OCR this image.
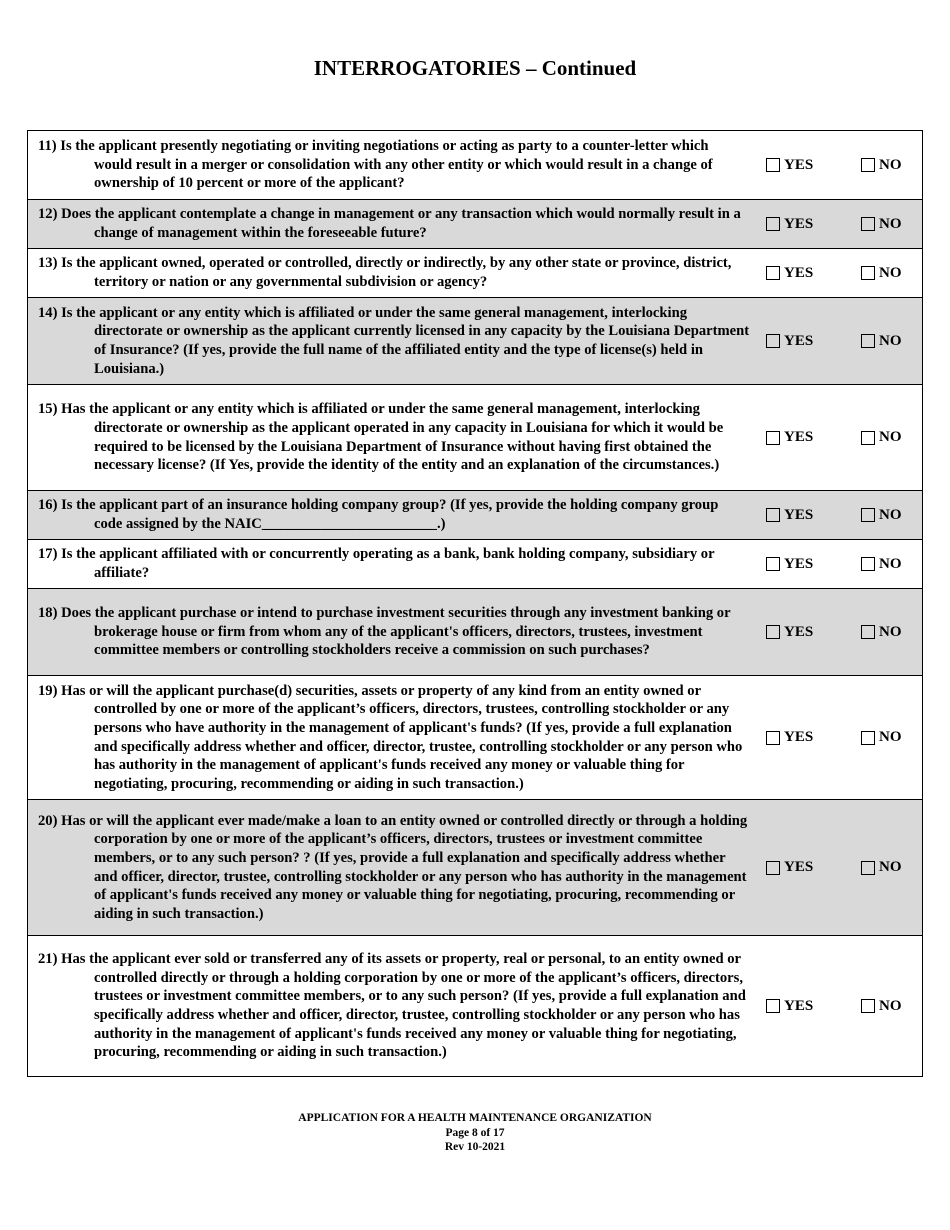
INTERROGATORIES – Continued
11) Is the applicant presently negotiating or inviting negotiations or acting as party to a counter-letter which would result in a merger or consolidation with any other entity or which would result in a change of ownership of 10 percent or more of the applicant?
YES	NO
12) Does the applicant contemplate a change in management or any transaction which would normally result in a change of management within the foreseeable future?
YES	NO
13) Is the applicant owned, operated or controlled, directly or indirectly, by any other state or province, district, territory or nation or any governmental subdivision or agency?
YES	NO
14) Is the applicant or any entity which is affiliated or under the same general management, interlocking directorate or ownership as the applicant currently licensed in any capacity by the Louisiana Department of Insurance? (If yes, provide the full name of the affiliated entity and the type of license(s) held in Louisiana.)
YES	NO
15) Has the applicant or any entity which is affiliated or under the same general management, interlocking directorate or ownership as the applicant operated in any capacity in Louisiana for which it would be required to be licensed by the Louisiana Department of Insurance without having first obtained the necessary license? (If Yes, provide the identity of the entity and an explanation of the circumstances.)
YES	NO
16) Is the applicant part of an insurance holding company group? (If yes, provide the holding company group code assigned by the NAIC________________________.)
YES	NO
17) Is the applicant affiliated with or concurrently operating as a bank, bank holding company, subsidiary or affiliate?
YES	NO
18) Does the applicant purchase or intend to purchase investment securities through any investment banking or brokerage house or firm from whom any of the applicant's officers, directors, trustees, investment committee members or controlling stockholders receive a commission on such purchases?
YES	NO
19) Has or will the applicant purchase(d) securities, assets or property of any kind from an entity owned or controlled by one or more of the applicant’s officers, directors, trustees, controlling stockholder or any persons who have authority in the management of applicant's funds? (If yes, provide a full explanation and specifically address whether and officer, director, trustee, controlling stockholder or any person who has authority in the management of applicant's funds received any money or valuable thing for negotiating, procuring, recommending or aiding in such transaction.)
YES	NO
20) Has or will the applicant ever made/make a loan to an entity owned or controlled directly or through a holding corporation by one or more of the applicant’s officers, directors, trustees or investment committee members, or to any such person? ? (If yes, provide a full explanation and specifically address whether and officer, director, trustee, controlling stockholder or any person who has authority in the management of applicant's funds received any money or valuable thing for negotiating, procuring, recommending or aiding in such transaction.)
YES	NO
21) Has the applicant ever sold or transferred any of its assets or property, real or personal, to an entity owned or controlled directly or through a holding corporation by one or more of the applicant’s officers, directors, trustees or investment committee members, or to any such person? (If yes, provide a full explanation and specifically address whether and officer, director, trustee, controlling stockholder or any person who has authority in the management of applicant's funds received any money or valuable thing for negotiating, procuring, recommending or aiding in such transaction.)
YES	NO
APPLICATION FOR A HEALTH MAINTENANCE ORGANIZATION
Page 8 of 17
Rev 10-2021
